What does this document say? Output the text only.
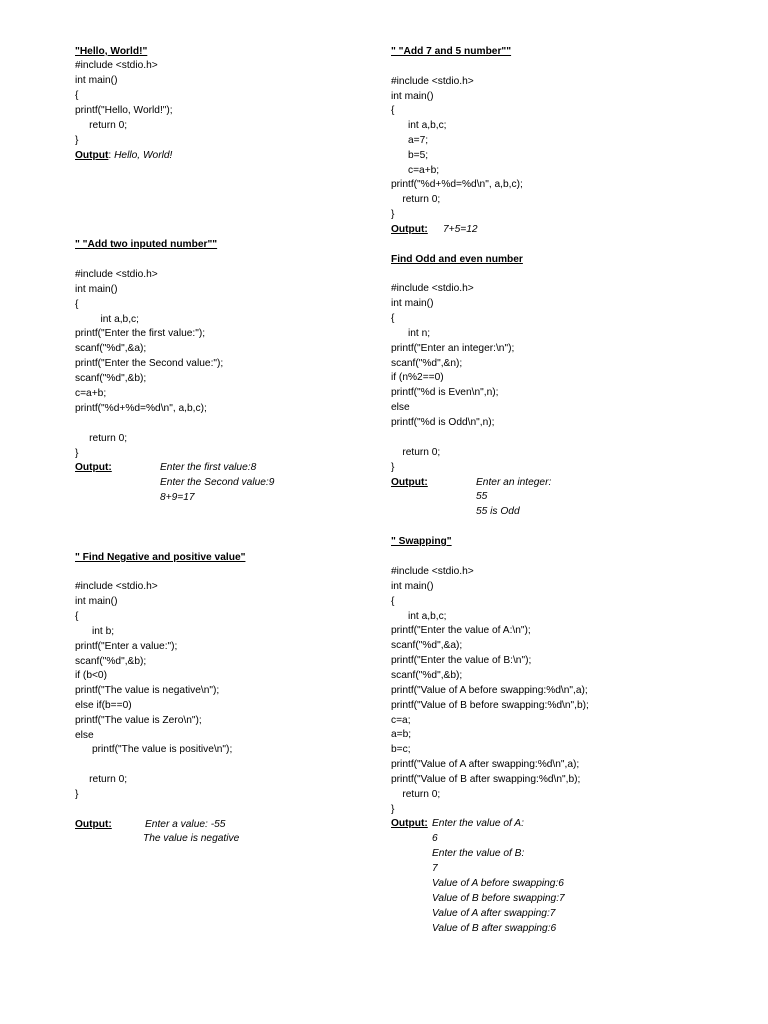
"Hello, World!"
#include <stdio.h>
int main()
{
printf("Hello, World!");
return 0;
}
Output: Hello, World!
" "Add two inputed number""
#include <stdio.h>
int main()
{
int a,b,c;
printf("Enter the first value:");
scanf("%d",&a);
printf("Enter the Second value:");
scanf("%d",&b);
c=a+b;
printf("%d+%d=%d\n", a,b,c);
return 0;
}
Output:	Enter the first value:8
Enter the Second value:9
8+9=17
" Find Negative and positive value"
#include <stdio.h>
int main()
{
int b;
printf("Enter a value:");
scanf("%d",&b);
if (b<0)
printf("The value is negative\n");
else if(b==0)
printf("The value is Zero\n");
else
printf("The value is positive\n");
return 0;
}
Output:	Enter a value: -55
The value is negative
" "Add 7 and 5 number""
#include <stdio.h>
int main()
{
int a,b,c;
a=7;
b=5;
c=a+b;
printf("%d+%d=%d\n", a,b,c);
return 0;
}
Output: 7+5=12
Find Odd and even number
#include <stdio.h>
int main()
{
int n;
printf("Enter an integer:\n");
scanf("%d",&n);
if (n%2==0)
printf("%d is Even\n",n);
else
printf("%d is Odd\n",n);
return 0;
}
Output:	Enter an integer:
55
55 is Odd
" Swapping"
#include <stdio.h>
int main()
{
int a,b,c;
printf("Enter the value of A:\n");
scanf("%d",&a);
printf("Enter the value of B:\n");
scanf("%d",&b);
printf("Value of A before swapping:%d\n",a);
printf("Value of B before swapping:%d\n",b);
c=a;
a=b;
b=c;
printf("Value of A after swapping:%d\n",a);
printf("Value of B after swapping:%d\n",b);
return 0;
}
Output: Enter the value of A:
6
Enter the value of B:
7
Value of A before swapping:6
Value of B before swapping:7
Value of A after swapping:7
Value of B after swapping:6
